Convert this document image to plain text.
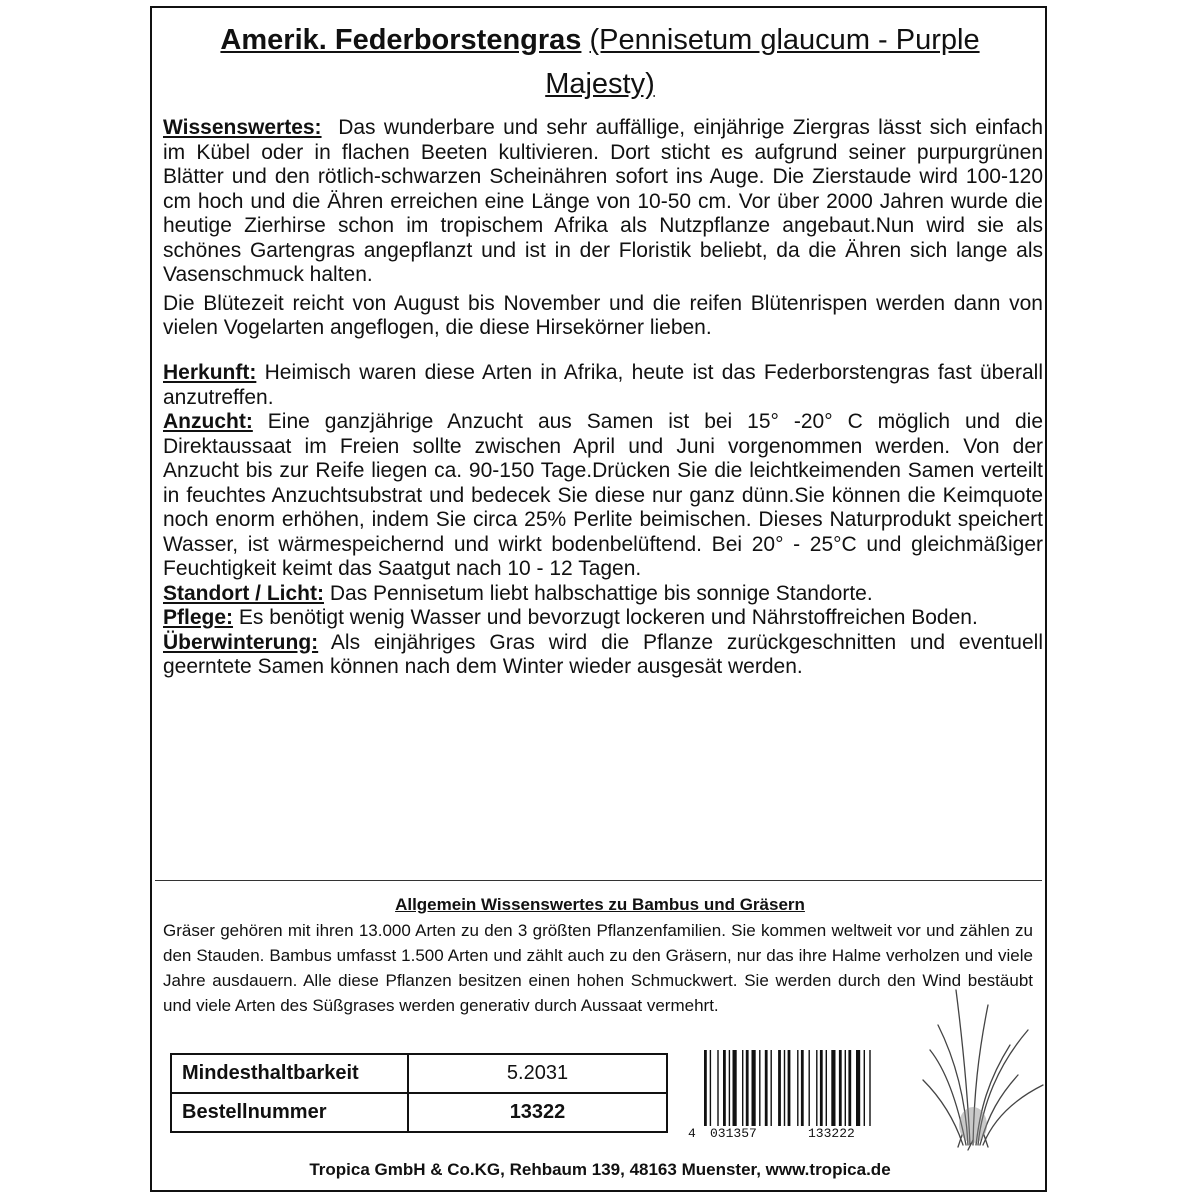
Amerik. Federborstengras (Pennisetum glaucum - Purple Majesty)

Wissenswertes: Das wunderbare und sehr auffällige, einjährige Ziergras lässt sich einfach im Kübel oder in flachen Beeten kultivieren. Dort sticht es aufgrund seiner purpurgrünen Blätter und den rötlich-schwarzen Scheinähren sofort ins Auge. Die Zierstaude wird 100-120 cm hoch und die Ähren erreichen eine Länge von 10-50 cm. Vor über 2000 Jahren wurde die heutige Zierhirse schon im tropischem Afrika als Nutzpflanze angebaut.Nun wird sie als schönes Gartengras angepflanzt und ist in der Floristik beliebt, da die Ähren sich lange als Vasenschmuck halten.

Die Blütezeit reicht von August bis November und die reifen Blütenrispen werden dann von vielen Vogelarten angeflogen, die diese Hirsekörner lieben.

Herkunft: Heimisch waren diese Arten in Afrika, heute ist das Federborstengras fast überall anzutreffen.

Anzucht: Eine ganzjährige Anzucht aus Samen ist bei 15° -20° C möglich und die Direktaussaat im Freien sollte zwischen April und Juni vorgenommen werden. Von der Anzucht bis zur Reife liegen ca. 90-150 Tage.Drücken Sie die leichtkeimenden Samen verteilt in feuchtes Anzuchtsubstrat und bedecek Sie diese nur ganz dünn.Sie können die Keimquote noch enorm erhöhen, indem Sie circa 25% Perlite beimischen. Dieses Naturprodukt speichert Wasser, ist wärmespeichernd und wirkt bodenbelüftend. Bei 20° - 25°C und gleichmäßiger Feuchtigkeit keimt das Saatgut nach 10 - 12 Tagen.

Standort / Licht: Das Pennisetum liebt halbschattige bis sonnige Standorte.

Pflege: Es benötigt wenig Wasser und bevorzugt lockeren und Nährstoffreichen Boden.

Überwinterung: Als einjähriges Gras wird die Pflanze zurückgeschnitten und eventuell geerntete Samen können nach dem Winter wieder ausgesät werden.

Allgemein Wissenswertes zu Bambus und Gräsern
Gräser gehören mit ihren 13.000 Arten zu den 3 größten Pflanzenfamilien. Sie kommen weltweit vor und zählen zu den Stauden. Bambus umfasst 1.500 Arten und zählt auch zu den Gräsern, nur das ihre Halme verholzen und viele Jahre ausdauern. Alle diese Pflanzen besitzen einen hohen Schmuckwert. Sie werden durch den Wind bestäubt und viele Arten des Süßgrases werden generativ durch Aussaat vermehrt.
Mindesthaltbarkeit	5.2031
Bestellnummer	13322
4 031357	133222
Tropica GmbH & Co.KG, Rehbaum 139, 48163 Muenster, www.tropica.de
